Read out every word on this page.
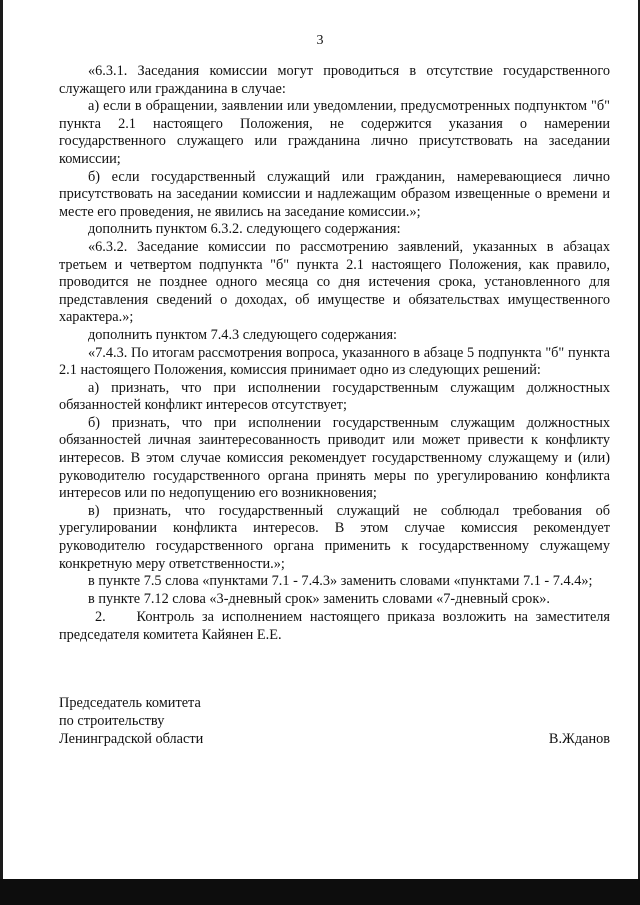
3

«6.3.1. Заседания комиссии могут проводиться в отсутствие государственного служащего или гражданина в случае:

а) если в обращении, заявлении или уведомлении, предусмотренных подпунктом "б" пункта 2.1 настоящего Положения, не содержится указания о намерении государственного служащего или гражданина лично присутствовать на заседании комиссии;

б) если государственный служащий или гражданин, намеревающиеся лично присутствовать на заседании комиссии и надлежащим образом извещенные о времени и месте его проведения, не явились на заседание комиссии.»;

дополнить пунктом 6.3.2. следующего содержания:

«6.3.2. Заседание комиссии по рассмотрению заявлений, указанных в абзацах третьем и четвертом подпункта "б" пункта 2.1 настоящего Положения, как правило, проводится не позднее одного месяца со дня истечения срока, установленного для представления сведений о доходах, об имуществе и обязательствах имущественного характера.»;

дополнить пунктом 7.4.3 следующего содержания:

«7.4.3. По итогам рассмотрения вопроса, указанного в абзаце 5 подпункта "б" пункта 2.1 настоящего Положения, комиссия принимает одно из следующих решений:

а) признать, что при исполнении государственным служащим должностных обязанностей конфликт интересов отсутствует;

б) признать, что при исполнении государственным служащим должностных обязанностей личная заинтересованность приводит или может привести к конфликту интересов. В этом случае комиссия рекомендует государственному служащему и (или) руководителю государственного органа принять меры по урегулированию конфликта интересов или по недопущению его возникновения;

в) признать, что государственный служащий не соблюдал требования об урегулировании конфликта интересов. В этом случае комиссия рекомендует руководителю государственного органа применить к государственному служащему конкретную меру ответственности.»;

в пункте 7.5 слова «пунктами 7.1 - 7.4.3» заменить словами «пунктами 7.1 - 7.4.4»;

в пункте 7.12 слова «3-дневный срок» заменить словами «7-дневный срок».

2.    Контроль за исполнением настоящего приказа возложить на заместителя председателя комитета Кайянен Е.Е.

Председатель комитета
по строительству
Ленинградской области	В.Жданов
